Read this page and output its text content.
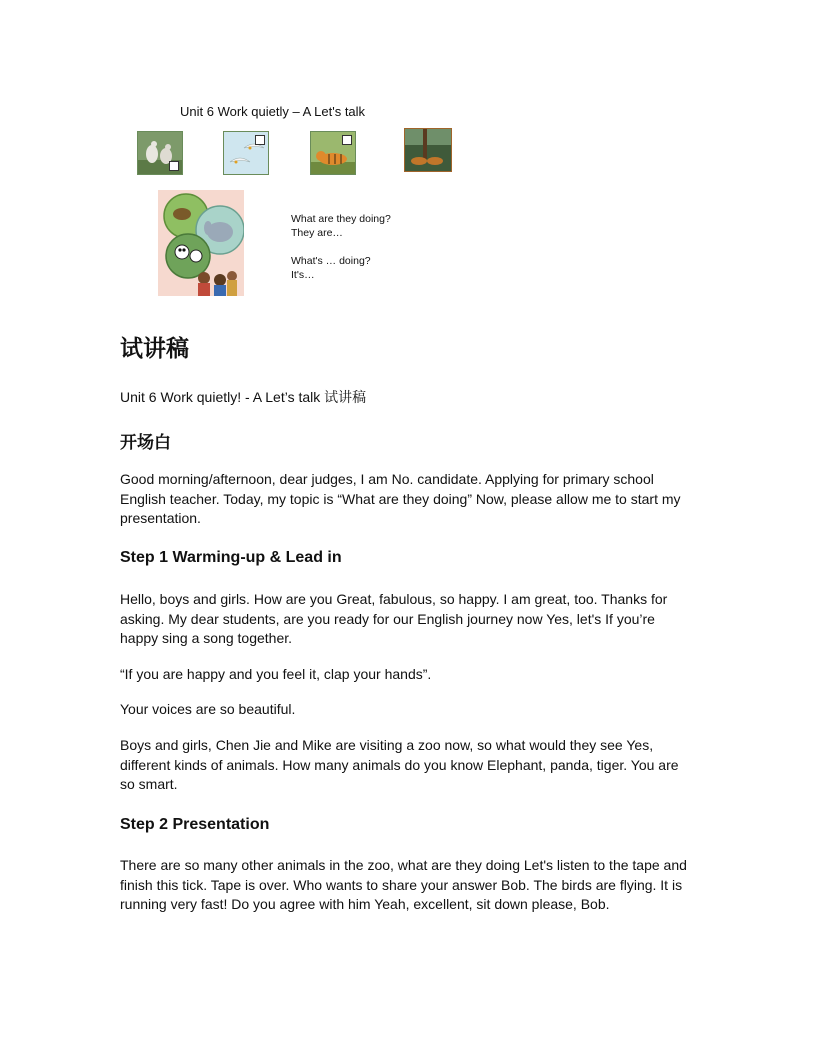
Unit 6 Work quietly – A Let's talk
What are they doing?
They are…
What's … doing?
It's…
试讲稿
Unit 6 Work quietly! - A Let’s talk 试讲稿
开场白
Good morning/afternoon, dear judges, I am No. candidate. Applying for primary school English teacher. Today, my topic is “What are they doing” Now, please allow me to start my presentation.
Step 1 Warming-up & Lead in
Hello, boys and girls. How are you Great, fabulous, so happy. I am great, too. Thanks for asking. My dear students, are you ready for our English journey now Yes, let's If you’re happy sing a song together.
“If you are happy and you feel it, clap your hands”.
Your voices are so beautiful.
Boys and girls, Chen Jie and Mike are visiting a zoo now, so what would they see Yes, different kinds of animals. How many animals do you know Elephant, panda, tiger. You are so smart.
Step 2 Presentation
There are so many other animals in the zoo, what are they doing Let's listen to the tape and finish this tick. Tape is over. Who wants to share your answer Bob. The birds are flying. It is running very fast! Do you agree with him Yeah, excellent, sit down please, Bob.
